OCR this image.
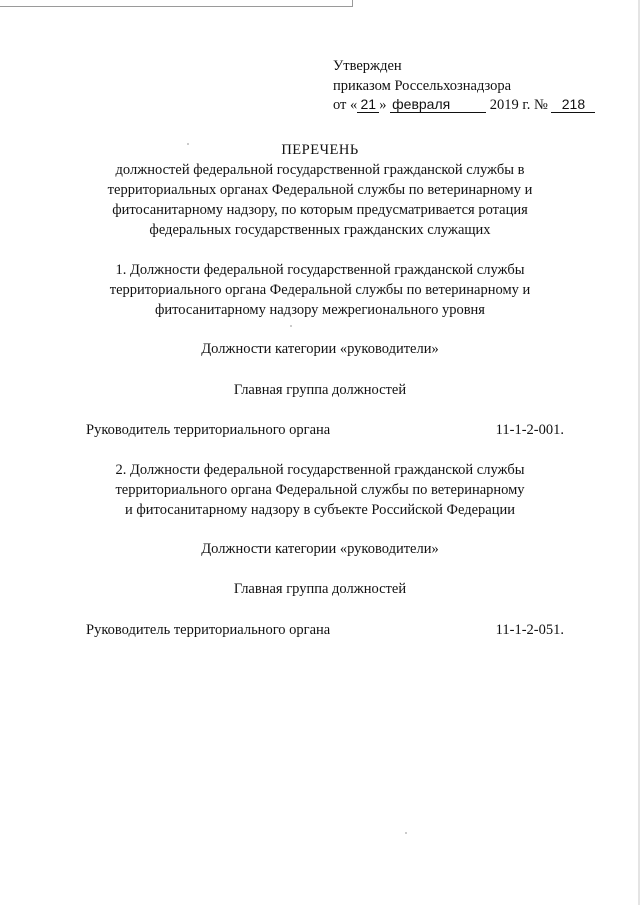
Утвержден
приказом Россельхознадзора
от « 21 » февраля	2019 г. № 218
ПЕРЕЧЕНЬ
должностей федеральной государственной гражданской службы в
территориальных органах Федеральной службы по ветеринарному и
фитосанитарному надзору, по которым предусматривается ротация
федеральных государственных гражданских служащих
1. Должности федеральной государственной гражданской службы
территориального органа Федеральной службы по ветеринарному и
фитосанитарному надзору межрегионального уровня
Должности категории «руководители»
Главная группа должностей
Руководитель территориального органа	11-1-2-001.
2. Должности федеральной государственной гражданской службы
территориального органа Федеральной службы по ветеринарному
и фитосанитарному надзору в субъекте Российской Федерации
Должности категории «руководители»
Главная группа должностей
Руководитель территориального органа	11-1-2-051.
